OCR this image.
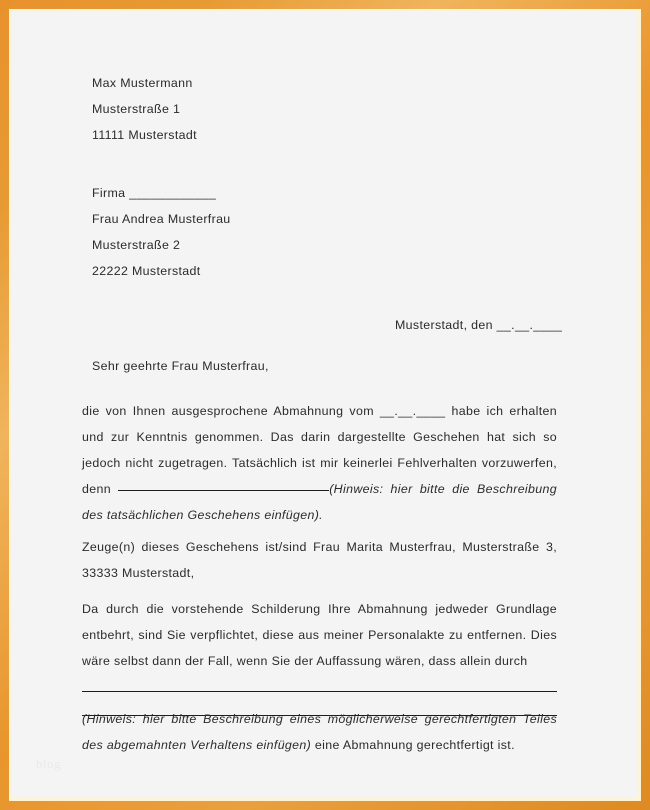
Max Mustermann
Musterstraße 1
11111 Musterstadt
Firma ____________
Frau Andrea Musterfrau
Musterstraße 2
22222 Musterstadt
Musterstadt, den __.__.____
Sehr geehrte Frau Musterfrau,

die von Ihnen ausgesprochene Abmahnung vom __.__.____ habe ich erhalten und zur Kenntnis genommen. Das darin dargestellte Geschehen hat sich so jedoch nicht zugetragen. Tatsächlich ist mir keinerlei Fehlverhalten vorzuwerfen, denn	(Hinweis: hier bitte die Beschreibung des tatsächlichen Geschehens einfügen).

Zeuge(n) dieses Geschehens ist/sind Frau Marita Musterfrau, Musterstraße 3, 33333 Musterstadt,

Da durch die vorstehende Schilderung Ihre Abmahnung jedweder Grundlage entbehrt, sind Sie verpflichtet, diese aus meiner Personalakte zu entfernen. Dies wäre selbst dann der Fall, wenn Sie der Auffassung wären, dass allein durch

(Hinweis: hier bitte Beschreibung eines möglicherweise gerechtfertigten Teiles des abgemahnten Verhaltens einfügen) eine Abmahnung gerechtfertigt ist.

blog
